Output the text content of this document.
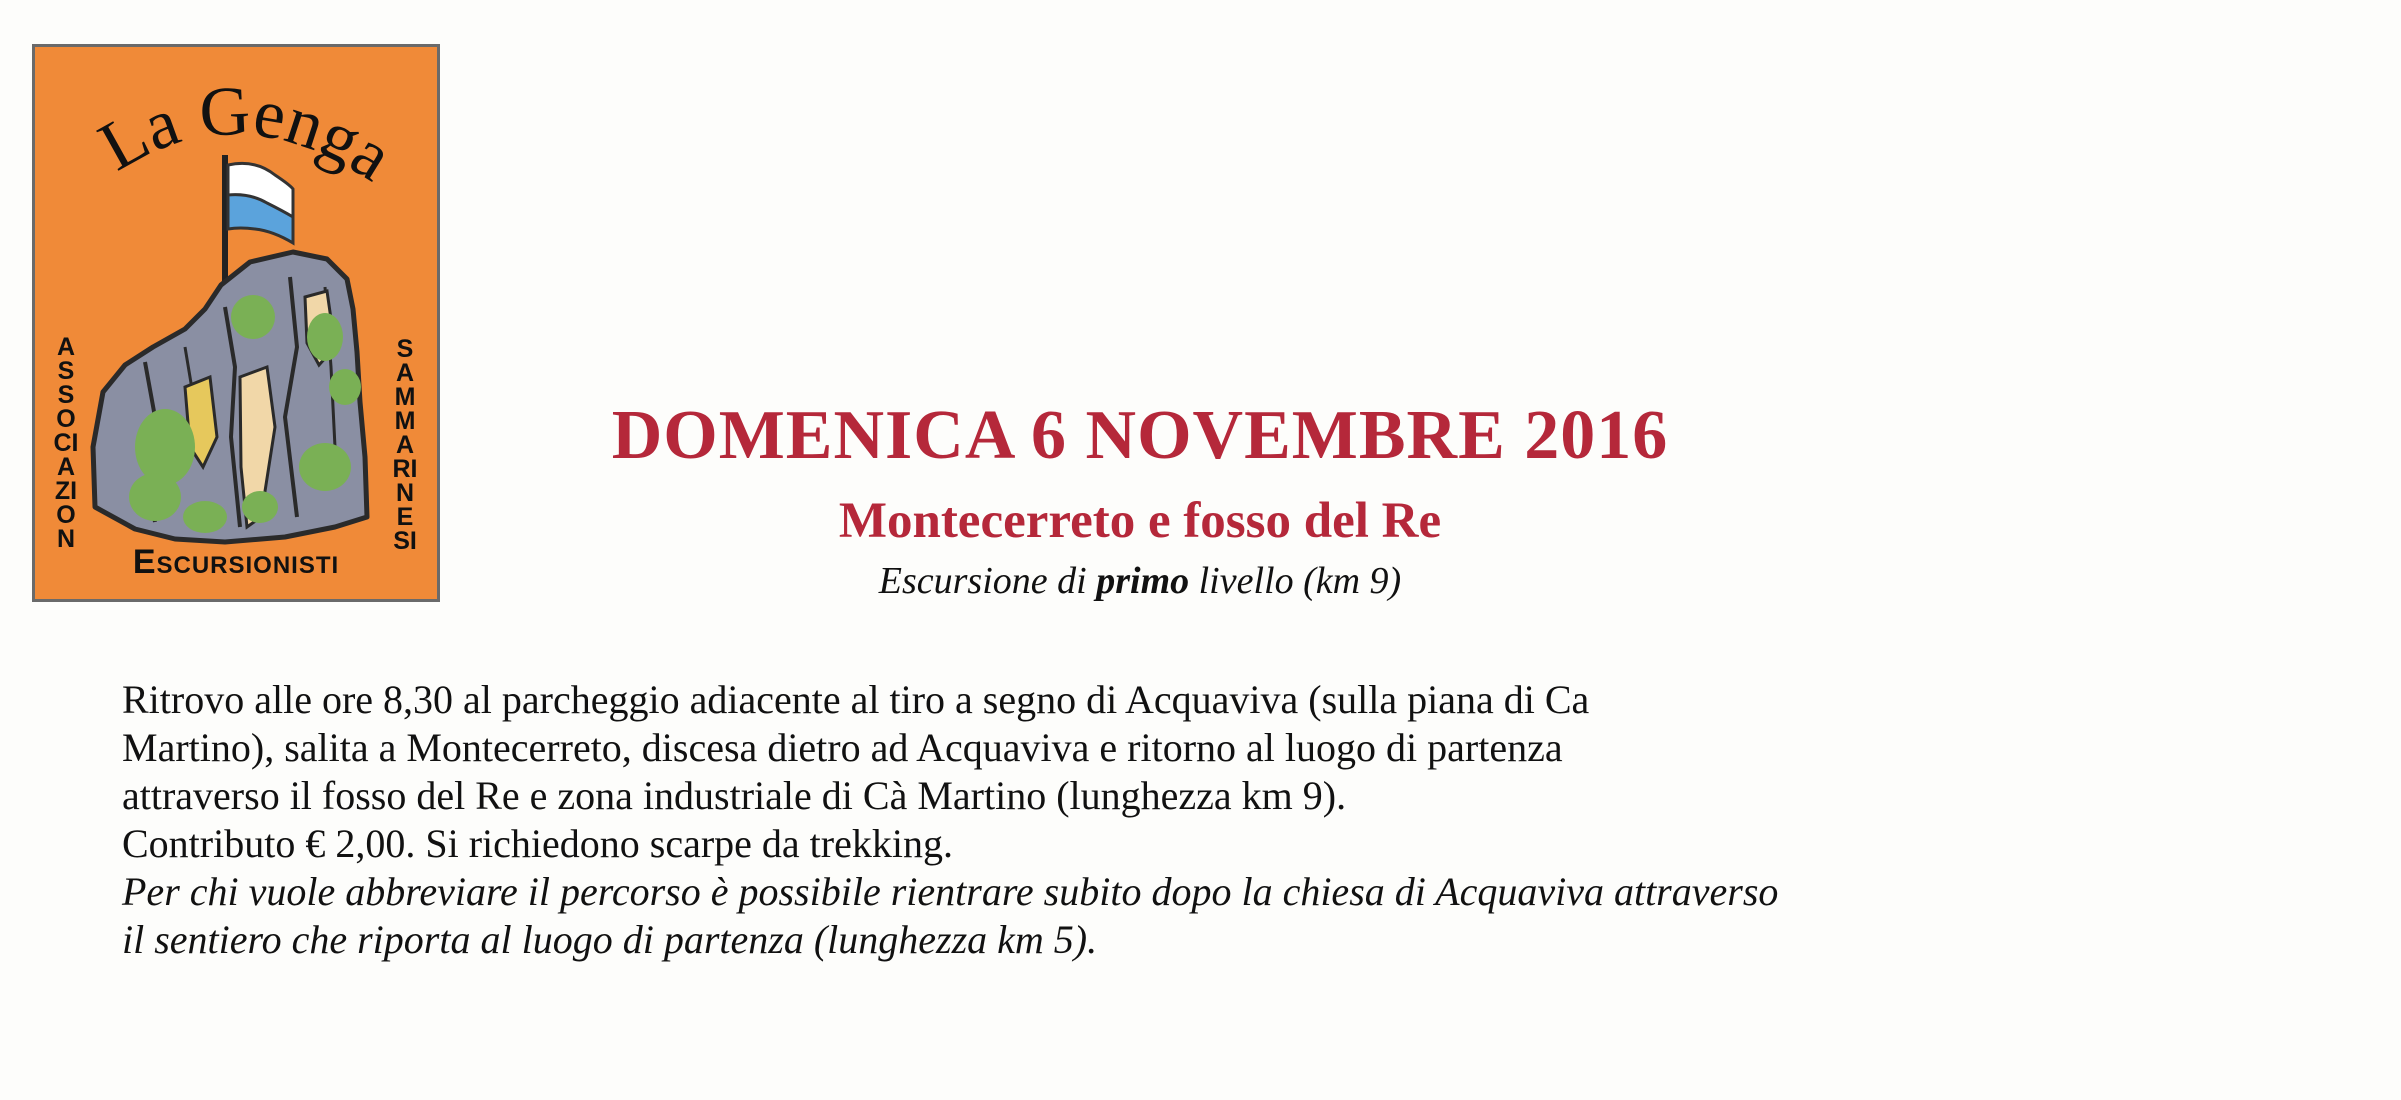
La Genga
ASSOCIAZION
SAMMARINESI
Escursionisti
DOMENICA 6 NOVEMBRE 2016
Montecerreto e fosso del Re
Escursione di primo livello (km 9)

Ritrovo alle ore 8,30 al parcheggio adiacente al tiro a segno di Acquaviva (sulla piana di Ca

Martino), salita a Montecerreto, discesa dietro ad Acquaviva e ritorno al luogo di partenza

attraverso il fosso del Re e zona industriale di Cà Martino (lunghezza km 9).

Contributo € 2,00. Si richiedono scarpe da trekking.

Per chi vuole abbreviare il percorso è possibile rientrare subito dopo la chiesa di Acquaviva attraverso

il sentiero che riporta al luogo di partenza (lunghezza km 5).
